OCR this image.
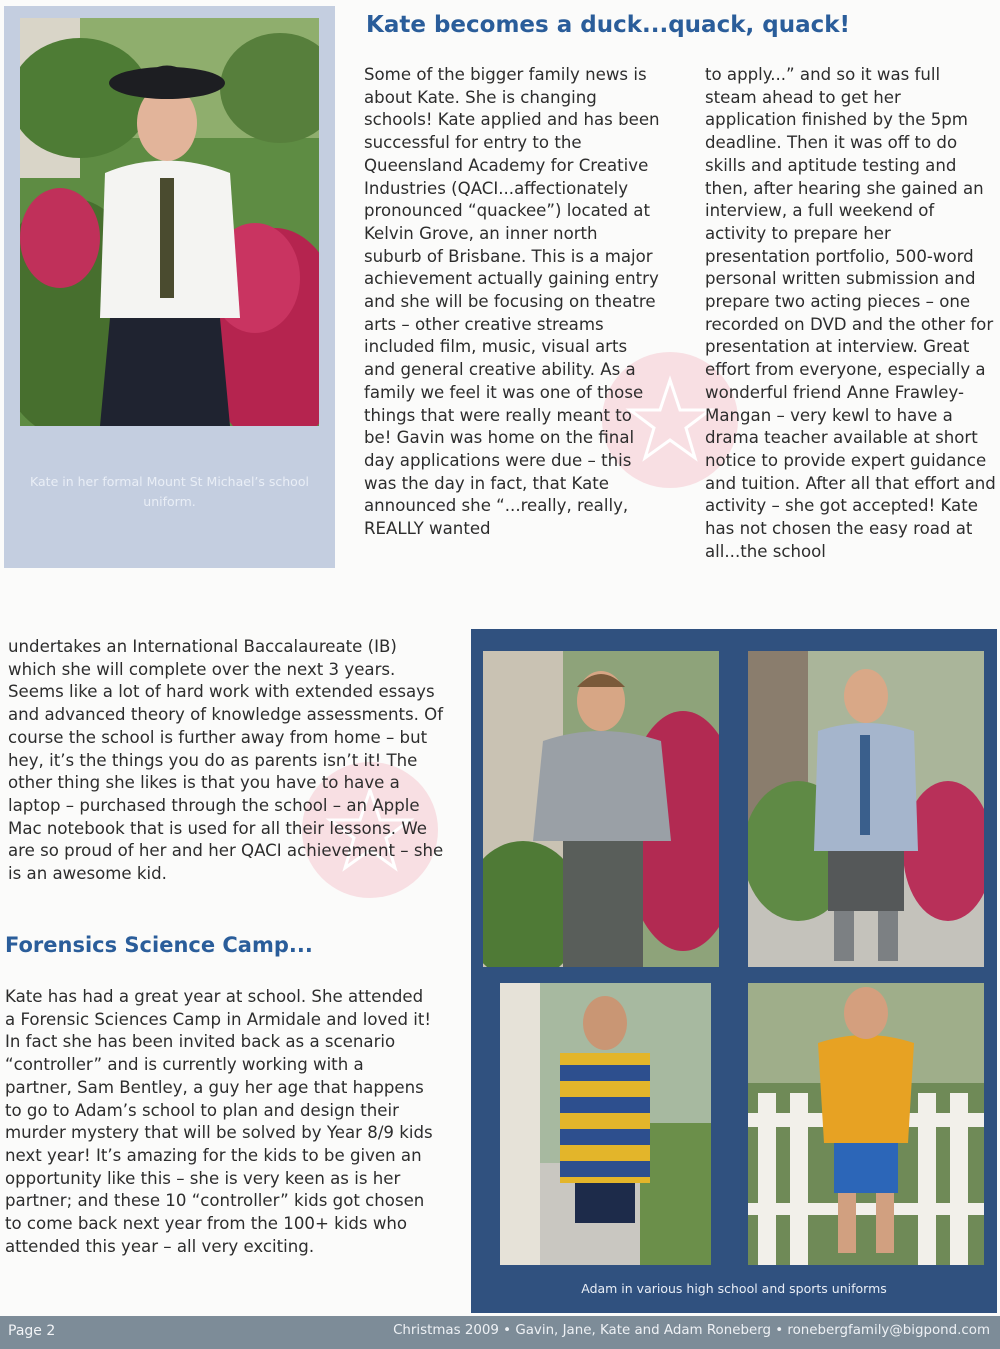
Kate in her formal Mount St Michael’s school uniform.
Kate becomes a duck...quack, quack!

Some of the bigger family news is about Kate. She is changing schools! Kate applied and has been successful for entry to the Queensland Academy for Creative Industries (QACI...affectionately pronounced “quackee”) located at Kelvin Grove, an inner north suburb of Brisbane. This is a major achievement actually gaining entry and she will be focusing on theatre arts – other creative streams included film, music, visual arts and general creative ability. As a family we feel it was one of those things that were really meant to be! Gavin was home on the final day applications were due – this was the day in fact, that Kate announced she “...really, really, REALLY wanted

to apply...” and so it was full steam ahead to get her application finished by the 5pm deadline. Then it was off to do skills and aptitude testing and then, after hearing she gained an interview, a full weekend of activity to prepare her presentation portfolio, 500-word personal written submission and prepare two acting pieces – one recorded on DVD and the other for presentation at interview. Great effort from everyone, especially a wonderful friend Anne Frawley-Mangan – very kewl to have a drama teacher available at short notice to provide expert guidance and tuition. After all that effort and activity – she got accepted! Kate has not chosen the easy road at all...the school

undertakes an International Baccalaureate (IB) which she will complete over the next 3 years. Seems like a lot of hard work with extended essays and advanced theory of knowledge assessments. Of course the school is further away from home – but hey, it’s the things you do as parents isn’t it! The other thing she likes is that you have to have a laptop – purchased through the school – an Apple Mac notebook that is used for all their lessons. We are so proud of her and her QACI achievement – she is an awesome kid.

Forensics Science Camp...

Kate has had a great year at school. She attended a Forensic Sciences Camp in Armidale and loved it! In fact she has been invited back as a scenario “controller” and is currently working with a partner, Sam Bentley, a guy her age that happens to go to Adam’s school to plan and design their murder mystery that will be solved by Year 8/9 kids next year! It’s amazing for the kids to be given an opportunity like this – she is very keen as is her partner; and these 10 “controller” kids got chosen to come back next year from the 100+ kids who attended this year – all very exciting.

Adam in various high school and sports uniforms
Page 2	Christmas 2009 • Gavin, Jane, Kate and Adam Roneberg • ronebergfamily@bigpond.com
